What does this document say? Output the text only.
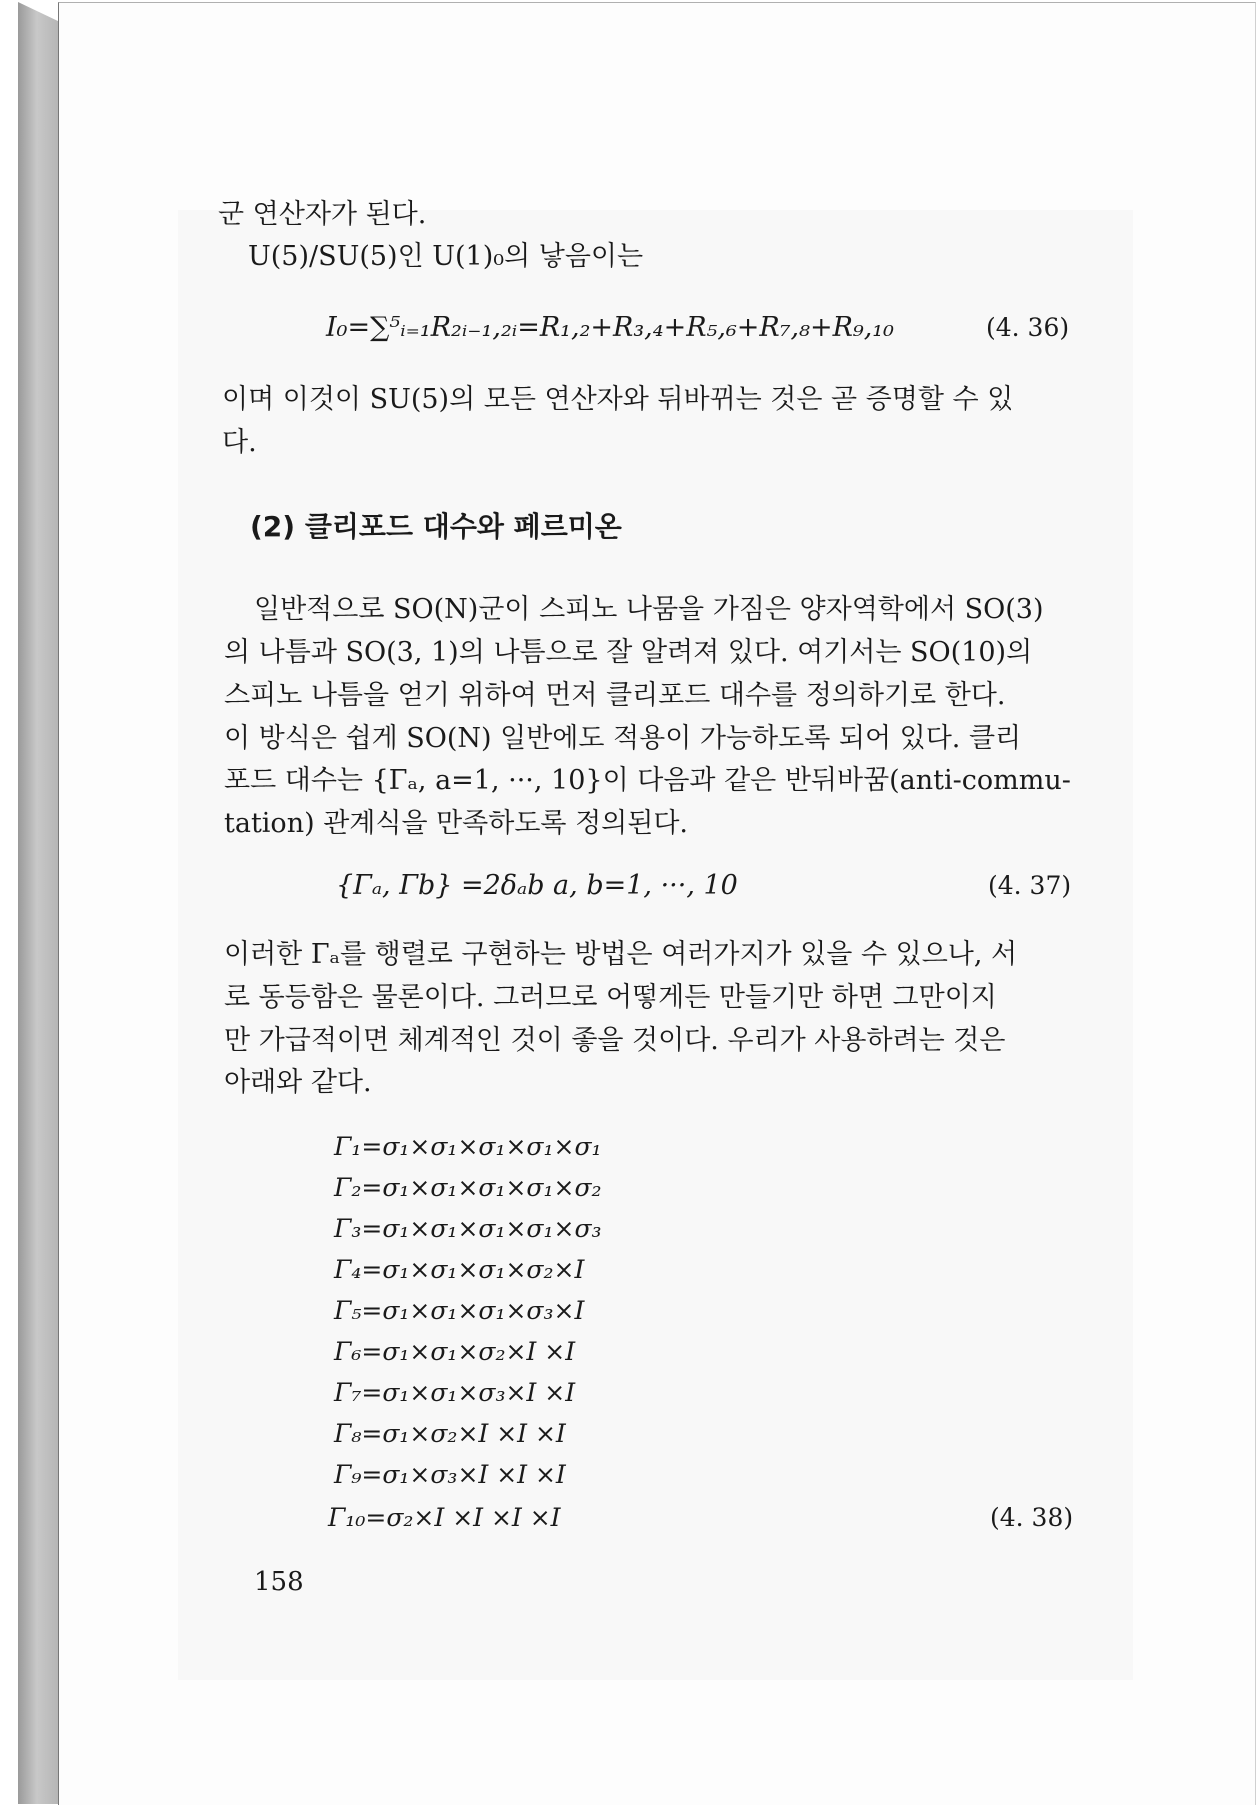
군 연산자가 된다.
U(5)/SU(5)인 U(1)₀의 낳음이는
I₀=∑⁵ᵢ₌₁R₂ᵢ₋₁,₂ᵢ=R₁,₂+R₃,₄+R₅,₆+R₇,₈+R₉,₁₀	(4. 36)
이며 이것이 SU(5)의 모든 연산자와 뒤바뀌는 것은 곧 증명할 수 있
다.
(2) 클리포드 대수와 페르미온
일반적으로 SO(N)군이 스피노 나뭄을 가짐은 양자역학에서 SO(3)
의 나틈과 SO(3, 1)의 나틈으로 잘 알려져 있다. 여기서는 SO(10)의
스피노 나틈을 얻기 위하여 먼저 클리포드 대수를 정의하기로 한다.
이 방식은 쉽게 SO(N) 일반에도 적용이 가능하도록 되어 있다. 클리
포드 대수는 {Γₐ, a=1, ···, 10}이 다음과 같은 반뒤바꿈(anti-commu-
tation) 관계식을 만족하도록 정의된다.
{Γₐ, Γb} =2δₐb a, b=1, ···, 10	(4. 37)
이러한 Γₐ를 행렬로 구현하는 방법은 여러가지가 있을 수 있으나, 서
로 동등함은 물론이다. 그러므로 어떻게든 만들기만 하면 그만이지
만 가급적이면 체계적인 것이 좋을 것이다. 우리가 사용하려는 것은
아래와 같다.
Γ₁=σ₁×σ₁×σ₁×σ₁×σ₁
Γ₂=σ₁×σ₁×σ₁×σ₁×σ₂
Γ₃=σ₁×σ₁×σ₁×σ₁×σ₃
Γ₄=σ₁×σ₁×σ₁×σ₂×I
Γ₅=σ₁×σ₁×σ₁×σ₃×I
Γ₆=σ₁×σ₁×σ₂×I ×I
Γ₇=σ₁×σ₁×σ₃×I ×I
Γ₈=σ₁×σ₂×I ×I ×I
Γ₉=σ₁×σ₃×I ×I ×I
Γ₁₀=σ₂×I ×I ×I ×I	(4. 38)
158
